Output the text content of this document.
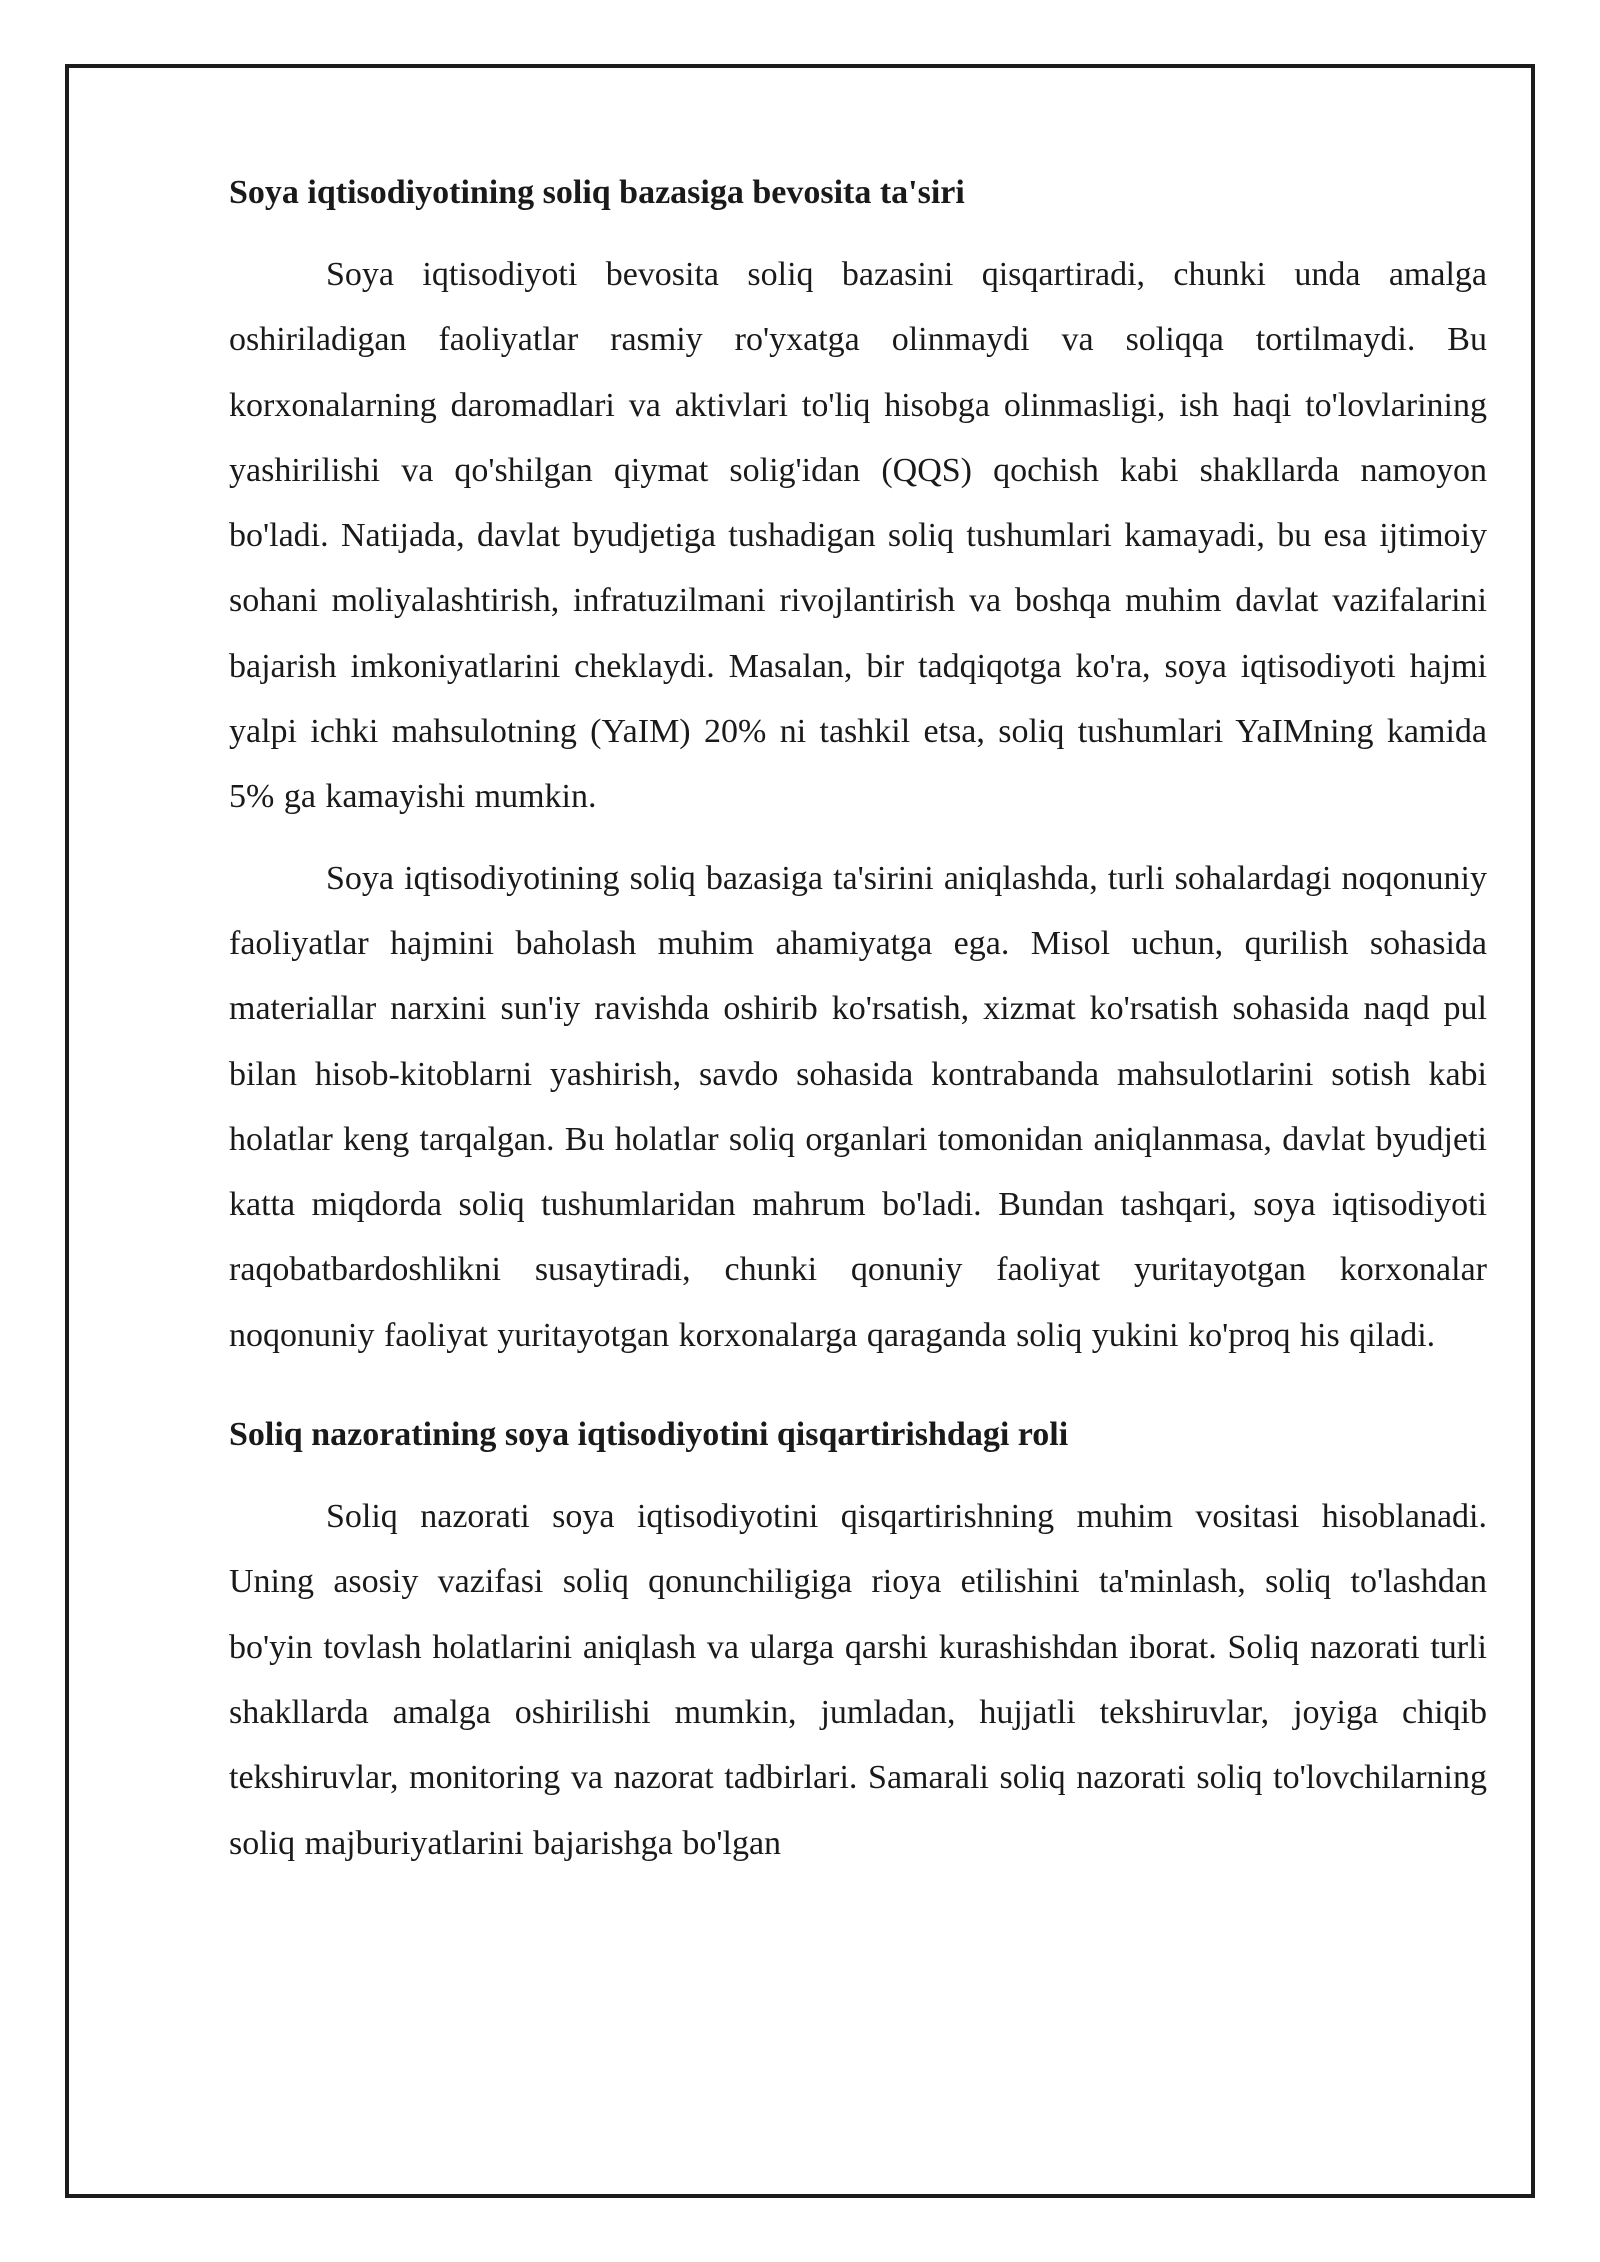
Soya iqtisodiyotining soliq bazasiga bevosita ta'siri

Soya iqtisodiyoti bevosita soliq bazasini qisqartiradi, chunki unda amalga oshiriladigan faoliyatlar rasmiy ro'yxatga olinmaydi va soliqqa tortilmaydi. Bu korxonalarning daromadlari va aktivlari to'liq hisobga olinmasligi, ish haqi to'lovlarining yashirilishi va qo'shilgan qiymat solig'idan (QQS) qochish kabi shakllarda namoyon bo'ladi. Natijada, davlat byudjetiga tushadigan soliq tushumlari kamayadi, bu esa ijtimoiy sohani moliyalashtirish, infratuzilmani rivojlantirish va boshqa muhim davlat vazifalarini bajarish imkoniyatlarini cheklaydi. Masalan, bir tadqiqotga ko'ra, soya iqtisodiyoti hajmi yalpi ichki mahsulotning (YaIM) 20% ni tashkil etsa, soliq tushumlari YaIMning kamida 5% ga kamayishi mumkin.

Soya iqtisodiyotining soliq bazasiga ta'sirini aniqlashda, turli sohalardagi noqonuniy faoliyatlar hajmini baholash muhim ahamiyatga ega. Misol uchun, qurilish sohasida materiallar narxini sun'iy ravishda oshirib ko'rsatish, xizmat ko'rsatish sohasida naqd pul bilan hisob-kitoblarni yashirish, savdo sohasida kontrabanda mahsulotlarini sotish kabi holatlar keng tarqalgan. Bu holatlar soliq organlari tomonidan aniqlanmasa, davlat byudjeti katta miqdorda soliq tushumlaridan mahrum bo'ladi. Bundan tashqari, soya iqtisodiyoti raqobatbardoshlikni susaytiradi, chunki qonuniy faoliyat yuritayotgan korxonalar noqonuniy faoliyat yuritayotgan korxonalarga qaraganda soliq yukini ko'proq his qiladi.

Soliq nazoratining soya iqtisodiyotini qisqartirishdagi roli

Soliq nazorati soya iqtisodiyotini qisqartirishning muhim vositasi hisoblanadi. Uning asosiy vazifasi soliq qonunchiligiga rioya etilishini ta'minlash, soliq to'lashdan bo'yin tovlash holatlarini aniqlash va ularga qarshi kurashishdan iborat. Soliq nazorati turli shakllarda amalga oshirilishi mumkin, jumladan, hujjatli tekshiruvlar, joyiga chiqib tekshiruvlar, monitoring va nazorat tadbirlari. Samarali soliq nazorati soliq to'lovchilarning soliq majburiyatlarini bajarishga bo'lgan
